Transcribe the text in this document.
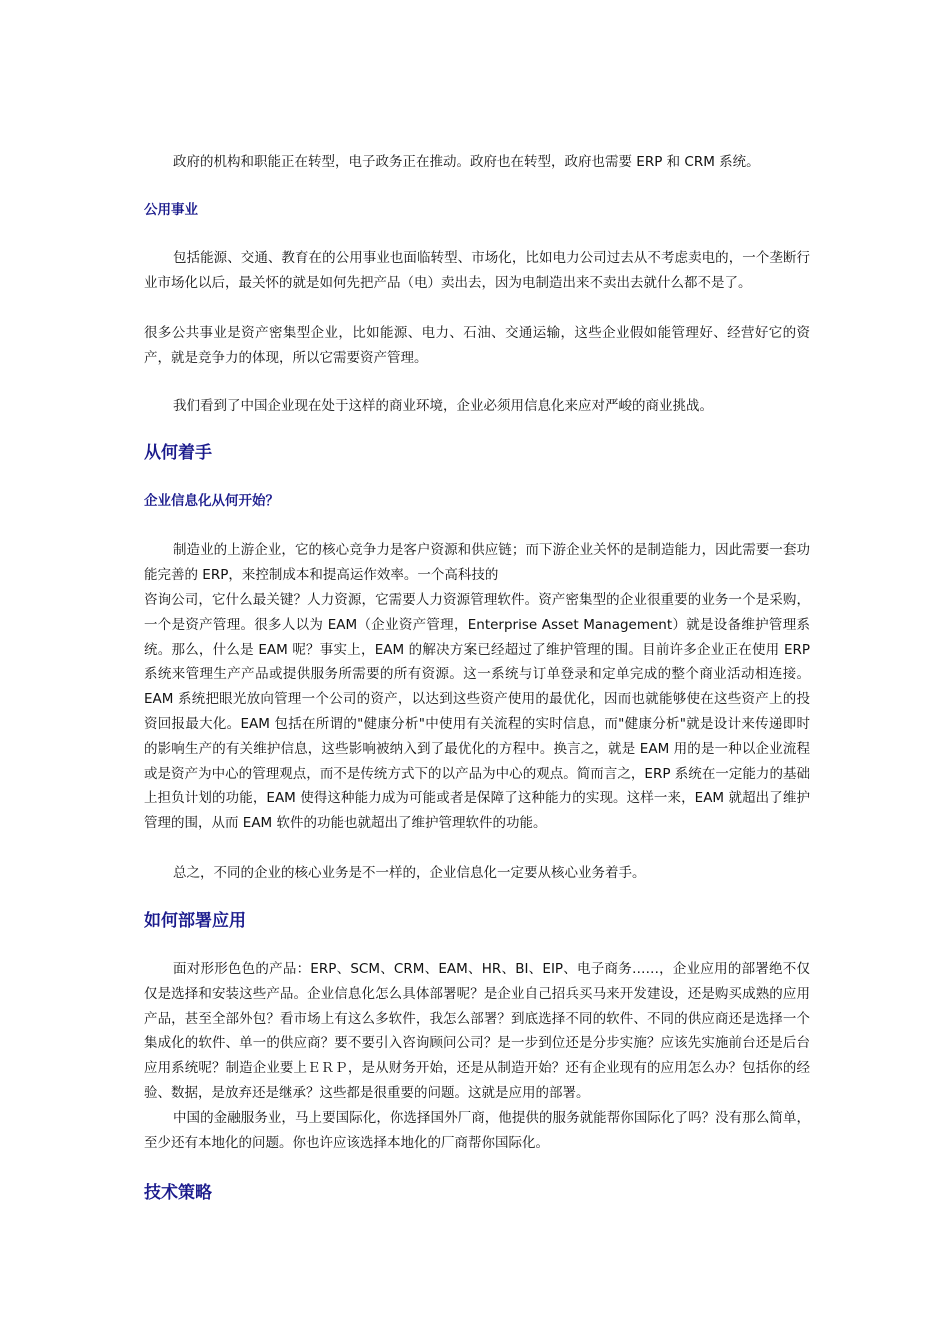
政府的机构和职能正在转型，电子政务正在推动。政府也在转型，政府也需要 ERP 和 CRM 系统。

公用事业

包括能源、交通、教育在的公用事业也面临转型、市场化，比如电力公司过去从不考虑卖电的，一个垄断行业市场化以后，最关怀的就是如何先把产品（电）卖出去，因为电制造出来不卖出去就什么都不是了。

很多公共事业是资产密集型企业，比如能源、电力、石油、交通运输，这些企业假如能管理好、经营好它的资产，就是竞争力的体现，所以它需要资产管理。

我们看到了中国企业现在处于这样的商业环境，企业必须用信息化来应对严峻的商业挑战。

从何着手
企业信息化从何开始？

制造业的上游企业，它的核心竞争力是客户资源和供应链；而下游企业关怀的是制造能力，因此需要一套功能完善的 ERP，来控制成本和提高运作效率。一个高科技的

咨询公司，它什么最关键？人力资源，它需要人力资源管理软件。资产密集型的企业很重要的业务一个是采购，一个是资产管理。很多人以为 EAM（企业资产管理，Enterprise Asset Management）就是设备维护管理系统。那么，什么是 EAM 呢？事实上，EAM 的解决方案已经超过了维护管理的围。目前许多企业正在使用 ERP 系统来管理生产产品或提供服务所需要的所有资源。这一系统与订单登录和定单完成的整个商业活动相连接。EAM 系统把眼光放向管理一个公司的资产，以达到这些资产使用的最优化，因而也就能够使在这些资产上的投资回报最大化。EAM 包括在所谓的"健康分析"中使用有关流程的实时信息，而"健康分析"就是设计来传递即时的影响生产的有关维护信息，这些影响被纳入到了最优化的方程中。换言之，就是 EAM 用的是一种以企业流程或是资产为中心的管理观点，而不是传统方式下的以产品为中心的观点。简而言之，ERP 系统在一定能力的基础上担负计划的功能，EAM 使得这种能力成为可能或者是保障了这种能力的实现。这样一来，EAM 就超出了维护管理的围，从而 EAM 软件的功能也就超出了维护管理软件的功能。

总之，不同的企业的核心业务是不一样的，企业信息化一定要从核心业务着手。

如何部署应用

面对形形色色的产品：ERP、SCM、CRM、EAM、HR、BI、EIP、电子商务……，企业应用的部署绝不仅仅是选择和安装这些产品。企业信息化怎么具体部署呢？是企业自己招兵买马来开发建设，还是购买成熟的应用产品，甚至全部外包？看市场上有这么多软件，我怎么部署？到底选择不同的软件、不同的供应商还是选择一个集成化的软件、单一的供应商？要不要引入咨询顾问公司？是一步到位还是分步实施？应该先实施前台还是后台应用系统呢？制造企业要上ＥＲＰ，是从财务开始，还是从制造开始？还有企业现有的应用怎么办？包括你的经验、数据，是放弃还是继承？这些都是很重要的问题。这就是应用的部署。

中国的金融服务业，马上要国际化，你选择国外厂商，他提供的服务就能帮你国际化了吗？没有那么简单，至少还有本地化的问题。你也许应该选择本地化的厂商帮你国际化。

技术策略
